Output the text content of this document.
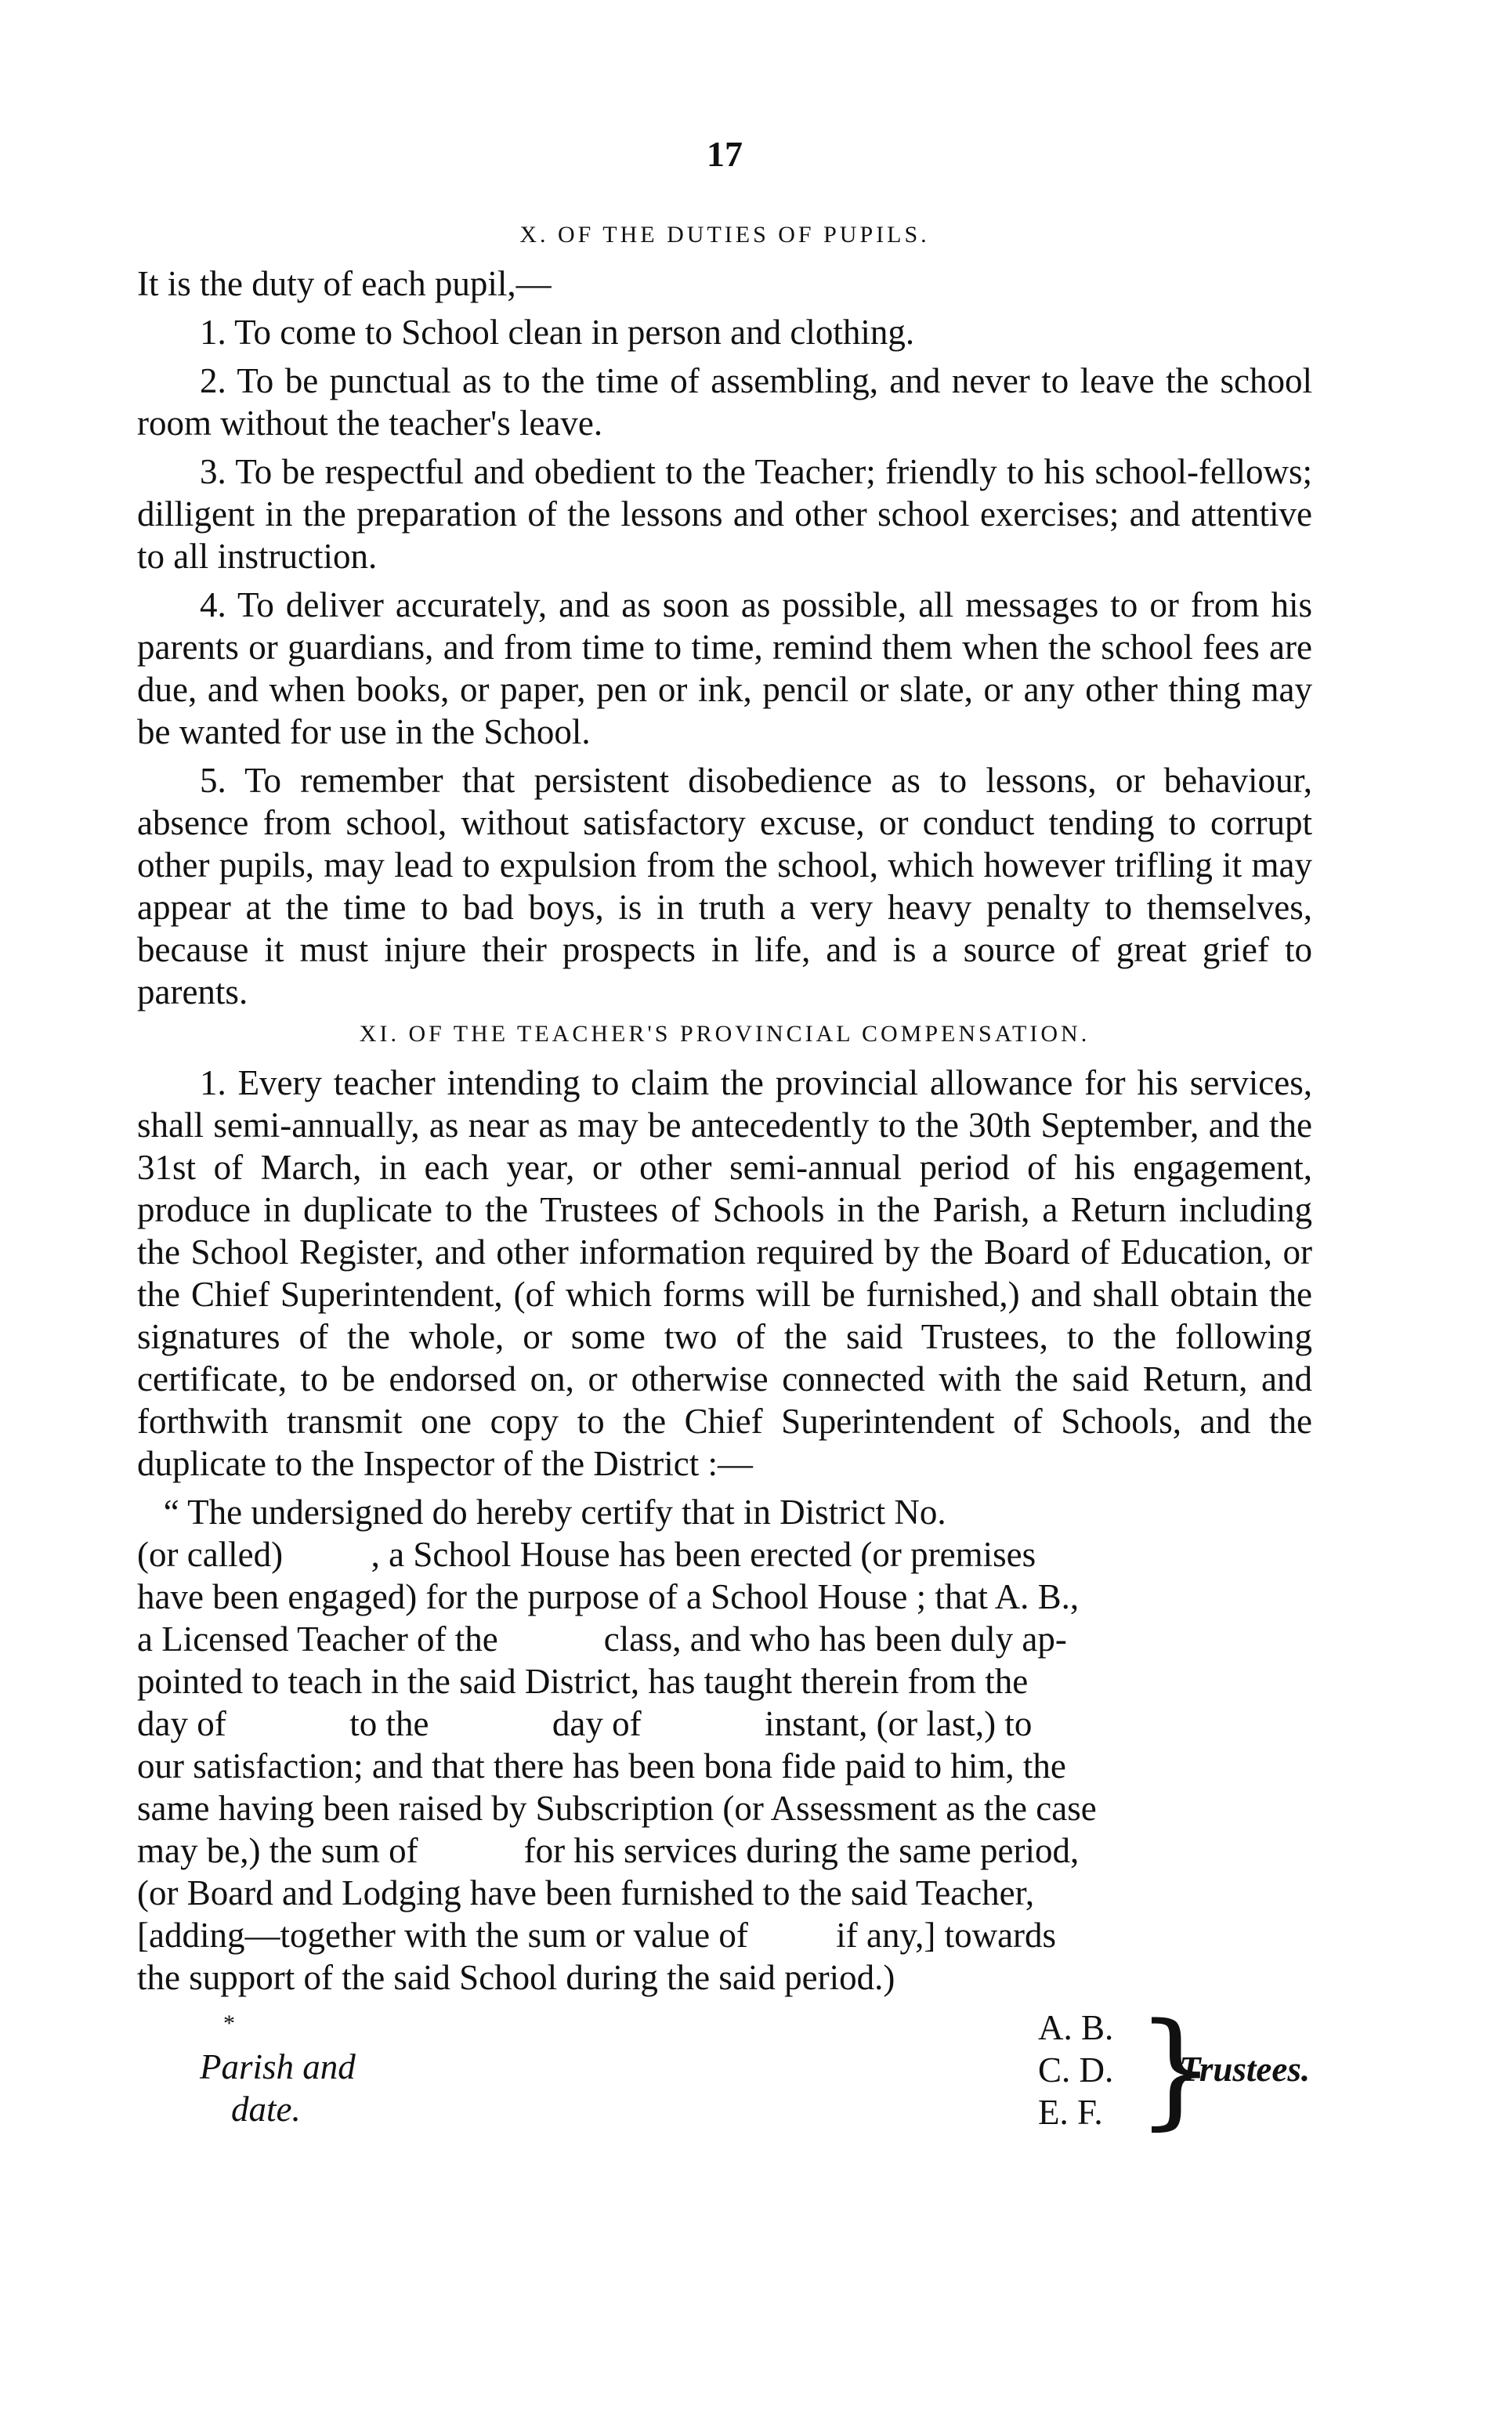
17
X. OF THE DUTIES OF PUPILS.

It is the duty of each pupil,—

1. To come to School clean in person and clothing.

2. To be punctual as to the time of assembling, and never to leave the school room without the teacher's leave.

3. To be respectful and obedient to the Teacher; friendly to his school-fellows; dilligent in the preparation of the lessons and other school exercises; and attentive to all instruction.

4. To deliver accurately, and as soon as possible, all messages to or from his parents or guardians, and from time to time, remind them when the school fees are due, and when books, or paper, pen or ink, pencil or slate, or any other thing may be wanted for use in the School.

5. To remember that persistent disobedience as to lessons, or behaviour, absence from school, without satisfactory excuse, or conduct tending to corrupt other pupils, may lead to expulsion from the school, which however trifling it may appear at the time to bad boys, is in truth a very heavy penalty to themselves, because it must injure their prospects in life, and is a source of great grief to parents.

XI. OF THE TEACHER'S PROVINCIAL COMPENSATION.

1. Every teacher intending to claim the provincial allowance for his services, shall semi-annually, as near as may be antecedently to the 30th September, and the 31st of March, in each year, or other semi-annual period of his engagement, produce in duplicate to the Trustees of Schools in the Parish, a Return including the School Register, and other information required by the Board of Education, or the Chief Superintendent, (of which forms will be furnished,) and shall obtain the signatures of the whole, or some two of the said Trustees, to the following certificate, to be endorsed on, or otherwise connected with the said Return, and forthwith transmit one copy to the Chief Superintendent of Schools, and the duplicate to the Inspector of the District :—

“ The undersigned do hereby certify that in District No.

(or called)          , a School House has been erected (or premises

have been engaged) for the purpose of a School House ; that A. B.,

a Licensed Teacher of the            class, and who has been duly ap-

pointed to teach in the said District, has taught therein from the

day of              to the              day of              instant, (or last,) to

our satisfaction; and that there has been bona fide paid to him, the

same having been raised by Subscription (or Assessment as the case

may be,) the sum of            for his services during the same period,

(or Board and Lodging have been furnished to the said Teacher,

[adding—together with the sum or value of          if any,] towards

the support of the said School during the said period.)

*
Parish and
date.
A. B.
C. D.
E. F. }
Trustees.
